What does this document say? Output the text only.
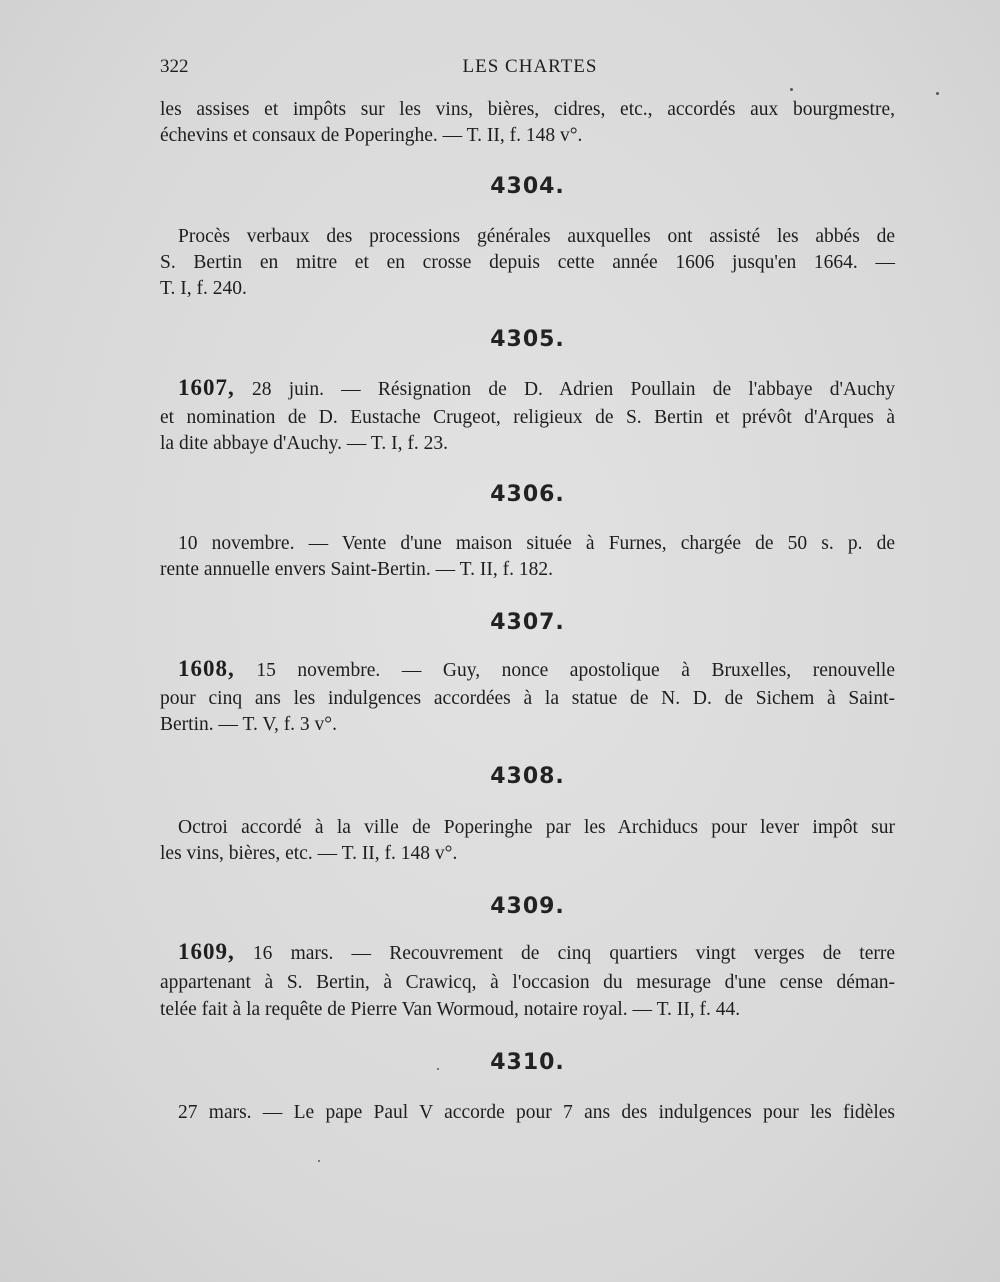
322	LES CHARTES
les assises et impôts sur les vins, bières, cidres, etc., accordés aux bourgmestre,
échevins et consaux de Poperinghe. — T. II, f. 148 v°.
4304.
Procès verbaux des processions générales auxquelles ont assisté les abbés de
S. Bertin en mitre et en crosse depuis cette année 1606 jusqu'en 1664. —
T. I, f. 240.
4305.
1607, 28 juin. — Résignation de D. Adrien Poullain de l'abbaye d'Auchy
et nomination de D. Eustache Crugeot, religieux de S. Bertin et prévôt d'Arques à
la dite abbaye d'Auchy. — T. I, f. 23.
4306.
10 novembre. — Vente d'une maison située à Furnes, chargée de 50 s. p. de
rente annuelle envers Saint-Bertin. — T. II, f. 182.
4307.
1608, 15 novembre. — Guy, nonce apostolique à Bruxelles, renouvelle
pour cinq ans les indulgences accordées à la statue de N. D. de Sichem à Saint-
Bertin. — T. V, f. 3 v°.
4308.
Octroi accordé à la ville de Poperinghe par les Archiducs pour lever impôt sur
les vins, bières, etc. — T. II, f. 148 v°.
4309.
1609, 16 mars. — Recouvrement de cinq quartiers vingt verges de terre
appartenant à S. Bertin, à Crawicq, à l'occasion du mesurage d'une cense déman-
telée fait à la requête de Pierre Van Wormoud, notaire royal. — T. II, f. 44.
4310.
27 mars. — Le pape Paul V accorde pour 7 ans des indulgences pour les fidèles
